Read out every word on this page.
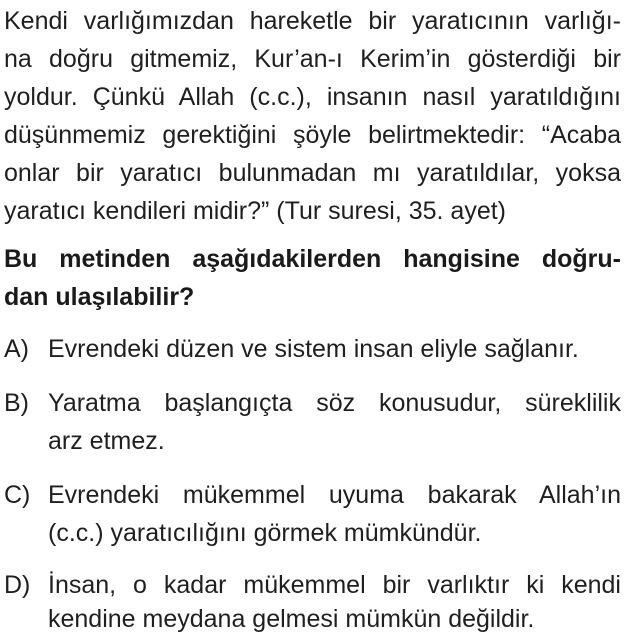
Kendi varlığımızdan hareketle bir yaratıcının varlığı-
na doğru gitmemiz, Kur’an-ı Kerim’in gösterdiği bir
yoldur. Çünkü Allah (c.c.), insanın nasıl yaratıldığını
düşünmemiz gerektiğini şöyle belirtmektedir: “Acaba
onlar bir yaratıcı bulunmadan mı yaratıldılar, yoksa
yaratıcı kendileri midir?” (Tur suresi, 35. ayet)
Bu metinden aşağıdakilerden hangisine doğru-
dan ulaşılabilir?
A) Evrendeki düzen ve sistem insan eliyle sağlanır.
B) Yaratma başlangıçta söz konusudur, süreklilik
arz etmez.
C) Evrendeki mükemmel uyuma bakarak Allah’ın
(c.c.) yaratıcılığını görmek mümkündür.
D) İnsan, o kadar mükemmel bir varlıktır ki kendi
kendine meydana gelmesi mümkün değildir.
